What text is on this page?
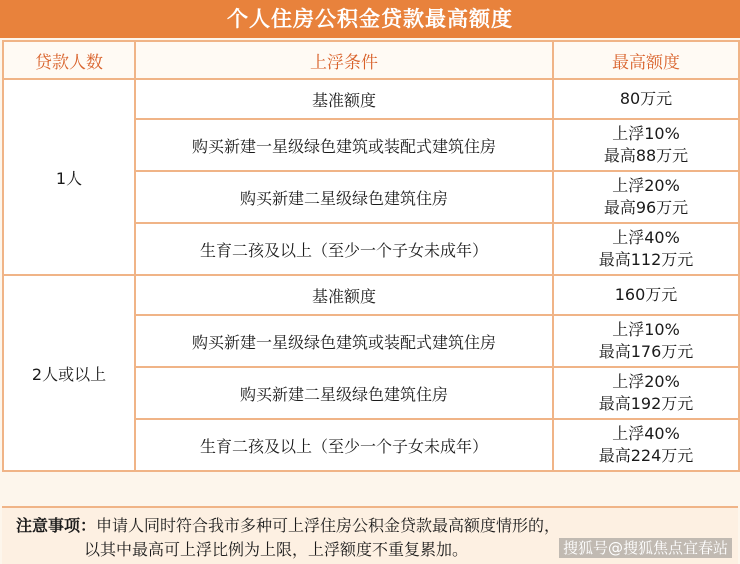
个人住房公积金贷款最高额度
贷款人数	上浮条件	最高额度
1人	基准额度	80万元

	购买新建一星级绿色建筑或装配式建筑住房	上浮10%
最高88万元

	购买新建二星级绿色建筑住房	上浮20%
最高96万元

	生育二孩及以上（至少一个子女未成年）	上浮40%
最高112万元

2人或以上	基准额度	160万元

	购买新建一星级绿色建筑或装配式建筑住房	上浮10%
最高176万元

	购买新建二星级绿色建筑住房	上浮20%
最高192万元

	生育二孩及以上（至少一个子女未成年）	上浮40%
最高224万元
注意事项：申请人同时符合我市多种可上浮住房公积金贷款最高额度情形的，
以其中最高可上浮比例为上限，上浮额度不重复累加。	搜狐号@搜狐焦点宜春站
